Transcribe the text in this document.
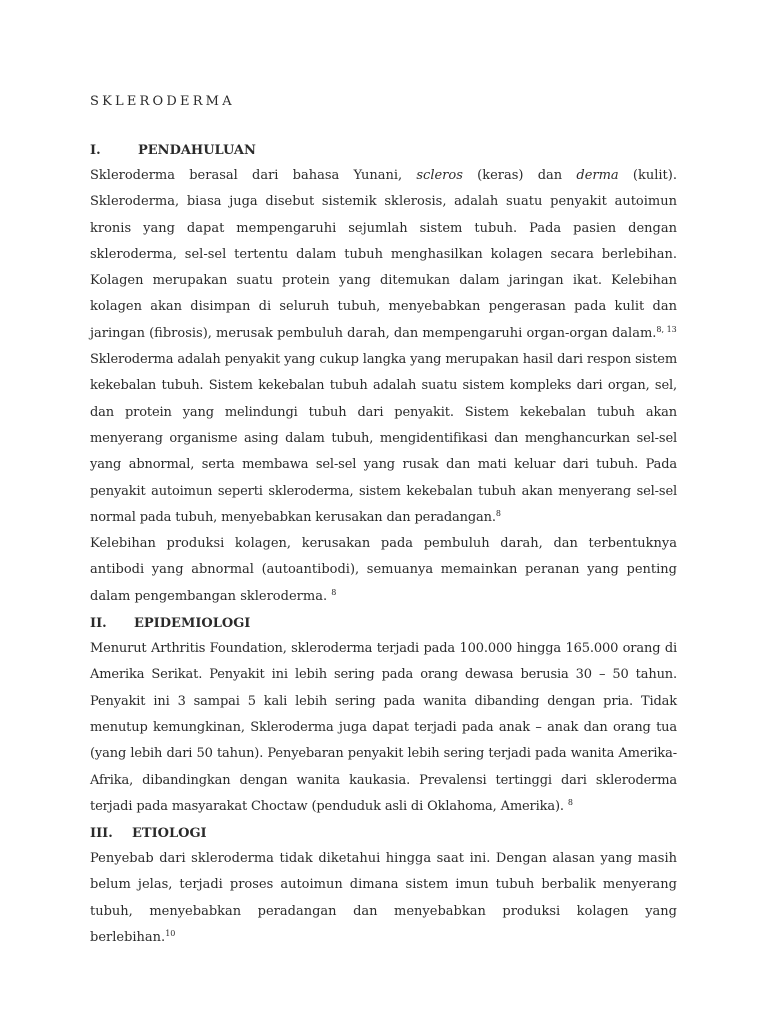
SKLERODERMA
I.	PENDAHULUAN

Skleroderma berasal dari bahasa Yunani, scleros (keras) dan derma (kulit). Skleroderma, biasa juga disebut sistemik sklerosis, adalah suatu penyakit autoimun kronis yang dapat mempengaruhi sejumlah sistem tubuh. Pada pasien dengan skleroderma, sel-sel tertentu dalam tubuh menghasilkan kolagen secara berlebihan. Kolagen merupakan suatu protein yang ditemukan dalam jaringan ikat. Kelebihan kolagen akan disimpan di seluruh tubuh, menyebabkan pengerasan pada kulit dan jaringan (fibrosis), merusak pembuluh darah, dan mempengaruhi organ-organ dalam.$^{8, 13}$

Skleroderma adalah penyakit yang cukup langka yang merupakan hasil dari respon sistem kekebalan tubuh. Sistem kekebalan tubuh adalah suatu sistem kompleks dari organ, sel, dan protein yang melindungi tubuh dari penyakit. Sistem kekebalan tubuh akan menyerang organisme asing dalam tubuh, mengidentifikasi dan menghancurkan sel-sel yang abnormal, serta membawa sel-sel yang rusak dan mati keluar dari tubuh. Pada penyakit autoimun seperti skleroderma, sistem kekebalan tubuh akan menyerang sel-sel normal pada tubuh, menyebabkan kerusakan dan peradangan.$^8$

Kelebihan produksi kolagen, kerusakan pada pembuluh darah, dan terbentuknya antibodi yang abnormal (autoantibodi), semuanya memainkan peranan yang penting dalam pengembangan skleroderma. $^8$

II.	EPIDEMIOLOGI

Menurut Arthritis Foundation, skleroderma terjadi pada 100.000 hingga 165.000 orang di Amerika Serikat. Penyakit ini lebih sering pada orang dewasa berusia 30 – 50 tahun. Penyakit ini 3 sampai 5 kali lebih sering pada wanita dibanding dengan pria. Tidak menutup kemungkinan, Skleroderma juga dapat terjadi pada anak – anak dan orang tua (yang lebih dari 50 tahun). Penyebaran penyakit lebih sering terjadi pada wanita Amerika- Afrika, dibandingkan dengan wanita kaukasia. Prevalensi tertinggi dari skleroderma terjadi pada masyarakat Choctaw (penduduk asli di Oklahoma, Amerika). $^8$

III.	ETIOLOGI

Penyebab dari skleroderma tidak diketahui hingga saat ini. Dengan alasan yang masih belum jelas, terjadi proses autoimun dimana sistem imun tubuh berbalik menyerang tubuh, menyebabkan peradangan dan menyebabkan produksi kolagen yang berlebihan.$^{10}$
